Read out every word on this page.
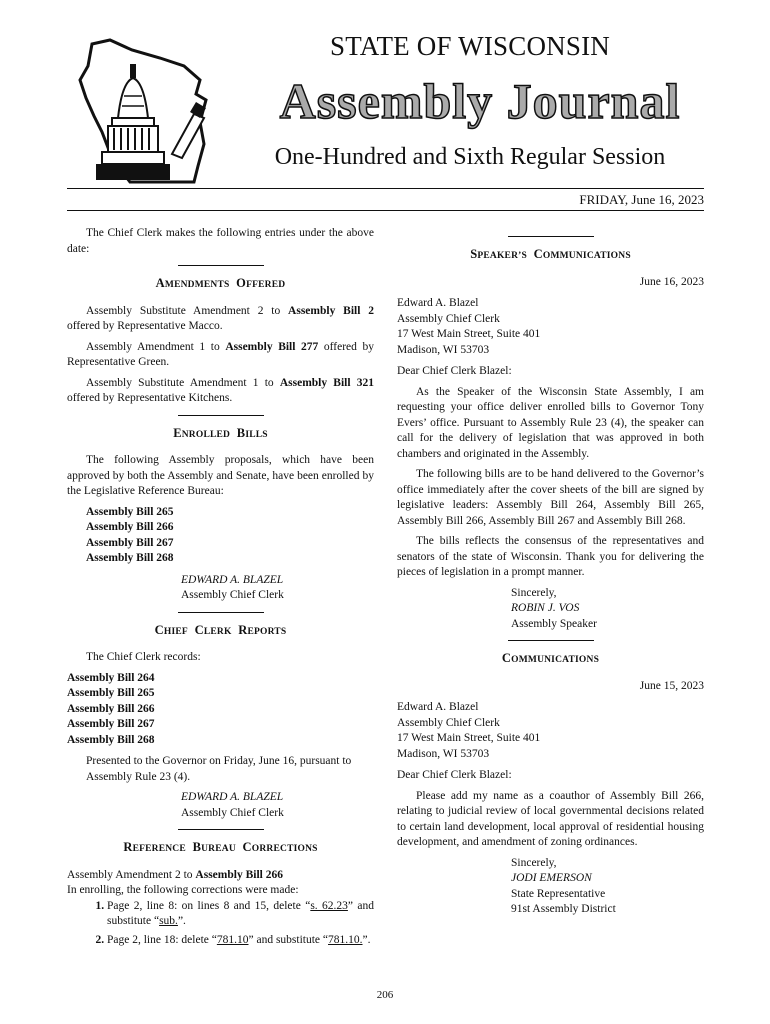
STATE OF WISCONSIN
Assembly Journal
One-Hundred and Sixth Regular Session
FRIDAY, June 16, 2023

The Chief Clerk makes the following entries under the above date:

AMENDMENTS OFFERED

Assembly Substitute Amendment 2 to Assembly Bill 2 offered by Representative Macco.

Assembly Amendment 1 to Assembly Bill 277 offered by Representative Green.

Assembly Substitute Amendment 1 to Assembly Bill 321 offered by Representative Kitchens.

ENROLLED BILLS

The following Assembly proposals, which have been approved by both the Assembly and Senate, have been enrolled by the Legislative Reference Bureau:

Assembly Bill 265
Assembly Bill 266
Assembly Bill 267
Assembly Bill 268
EDWARD A. BLAZEL
Assembly Chief Clerk
CHIEF CLERK REPORTS

The Chief Clerk records:

Assembly Bill 264
Assembly Bill 265
Assembly Bill 266
Assembly Bill 267
Assembly Bill 268

Presented to the Governor on Friday, June 16, pursuant to Assembly Rule 23 (4).

EDWARD A. BLAZEL
Assembly Chief Clerk
REFERENCE BUREAU CORRECTIONS
Assembly Amendment 2 to Assembly Bill 266
In enrolling, the following corrections were made:
1. Page 2, line 8: on lines 8 and 15, delete “s. 62.23” and substitute “sub.”.
2. Page 2, line 18: delete “781.10” and substitute “781.10.”.
SPEAKER’S COMMUNICATIONS
June 16, 2023
Edward A. Blazel
Assembly Chief Clerk
17 West Main Street, Suite 401
Madison, WI 53703

Dear Chief Clerk Blazel:

As the Speaker of the Wisconsin State Assembly, I am requesting your office deliver enrolled bills to Governor Tony Evers’ office. Pursuant to Assembly Rule 23 (4), the speaker can call for the delivery of legislation that was approved in both chambers and originated in the Assembly.

The following bills are to be hand delivered to the Governor’s office immediately after the cover sheets of the bill are signed by legislative leaders: Assembly Bill 264, Assembly Bill 265, Assembly Bill 266, Assembly Bill 267 and Assembly Bill 268.

The bills reflects the consensus of the representatives and senators of the state of Wisconsin. Thank you for delivering the pieces of legislation in a prompt manner.

Sincerely,
ROBIN J. VOS
Assembly Speaker
COMMUNICATIONS
June 15, 2023
Edward A. Blazel
Assembly Chief Clerk
17 West Main Street, Suite 401
Madison, WI 53703

Dear Chief Clerk Blazel:

Please add my name as a coauthor of Assembly Bill 266, relating to judicial review of local governmental decisions related to certain land development, local approval of residential housing development, and amendment of zoning ordinances.

Sincerely,
JODI EMERSON
State Representative
91st Assembly District
206
